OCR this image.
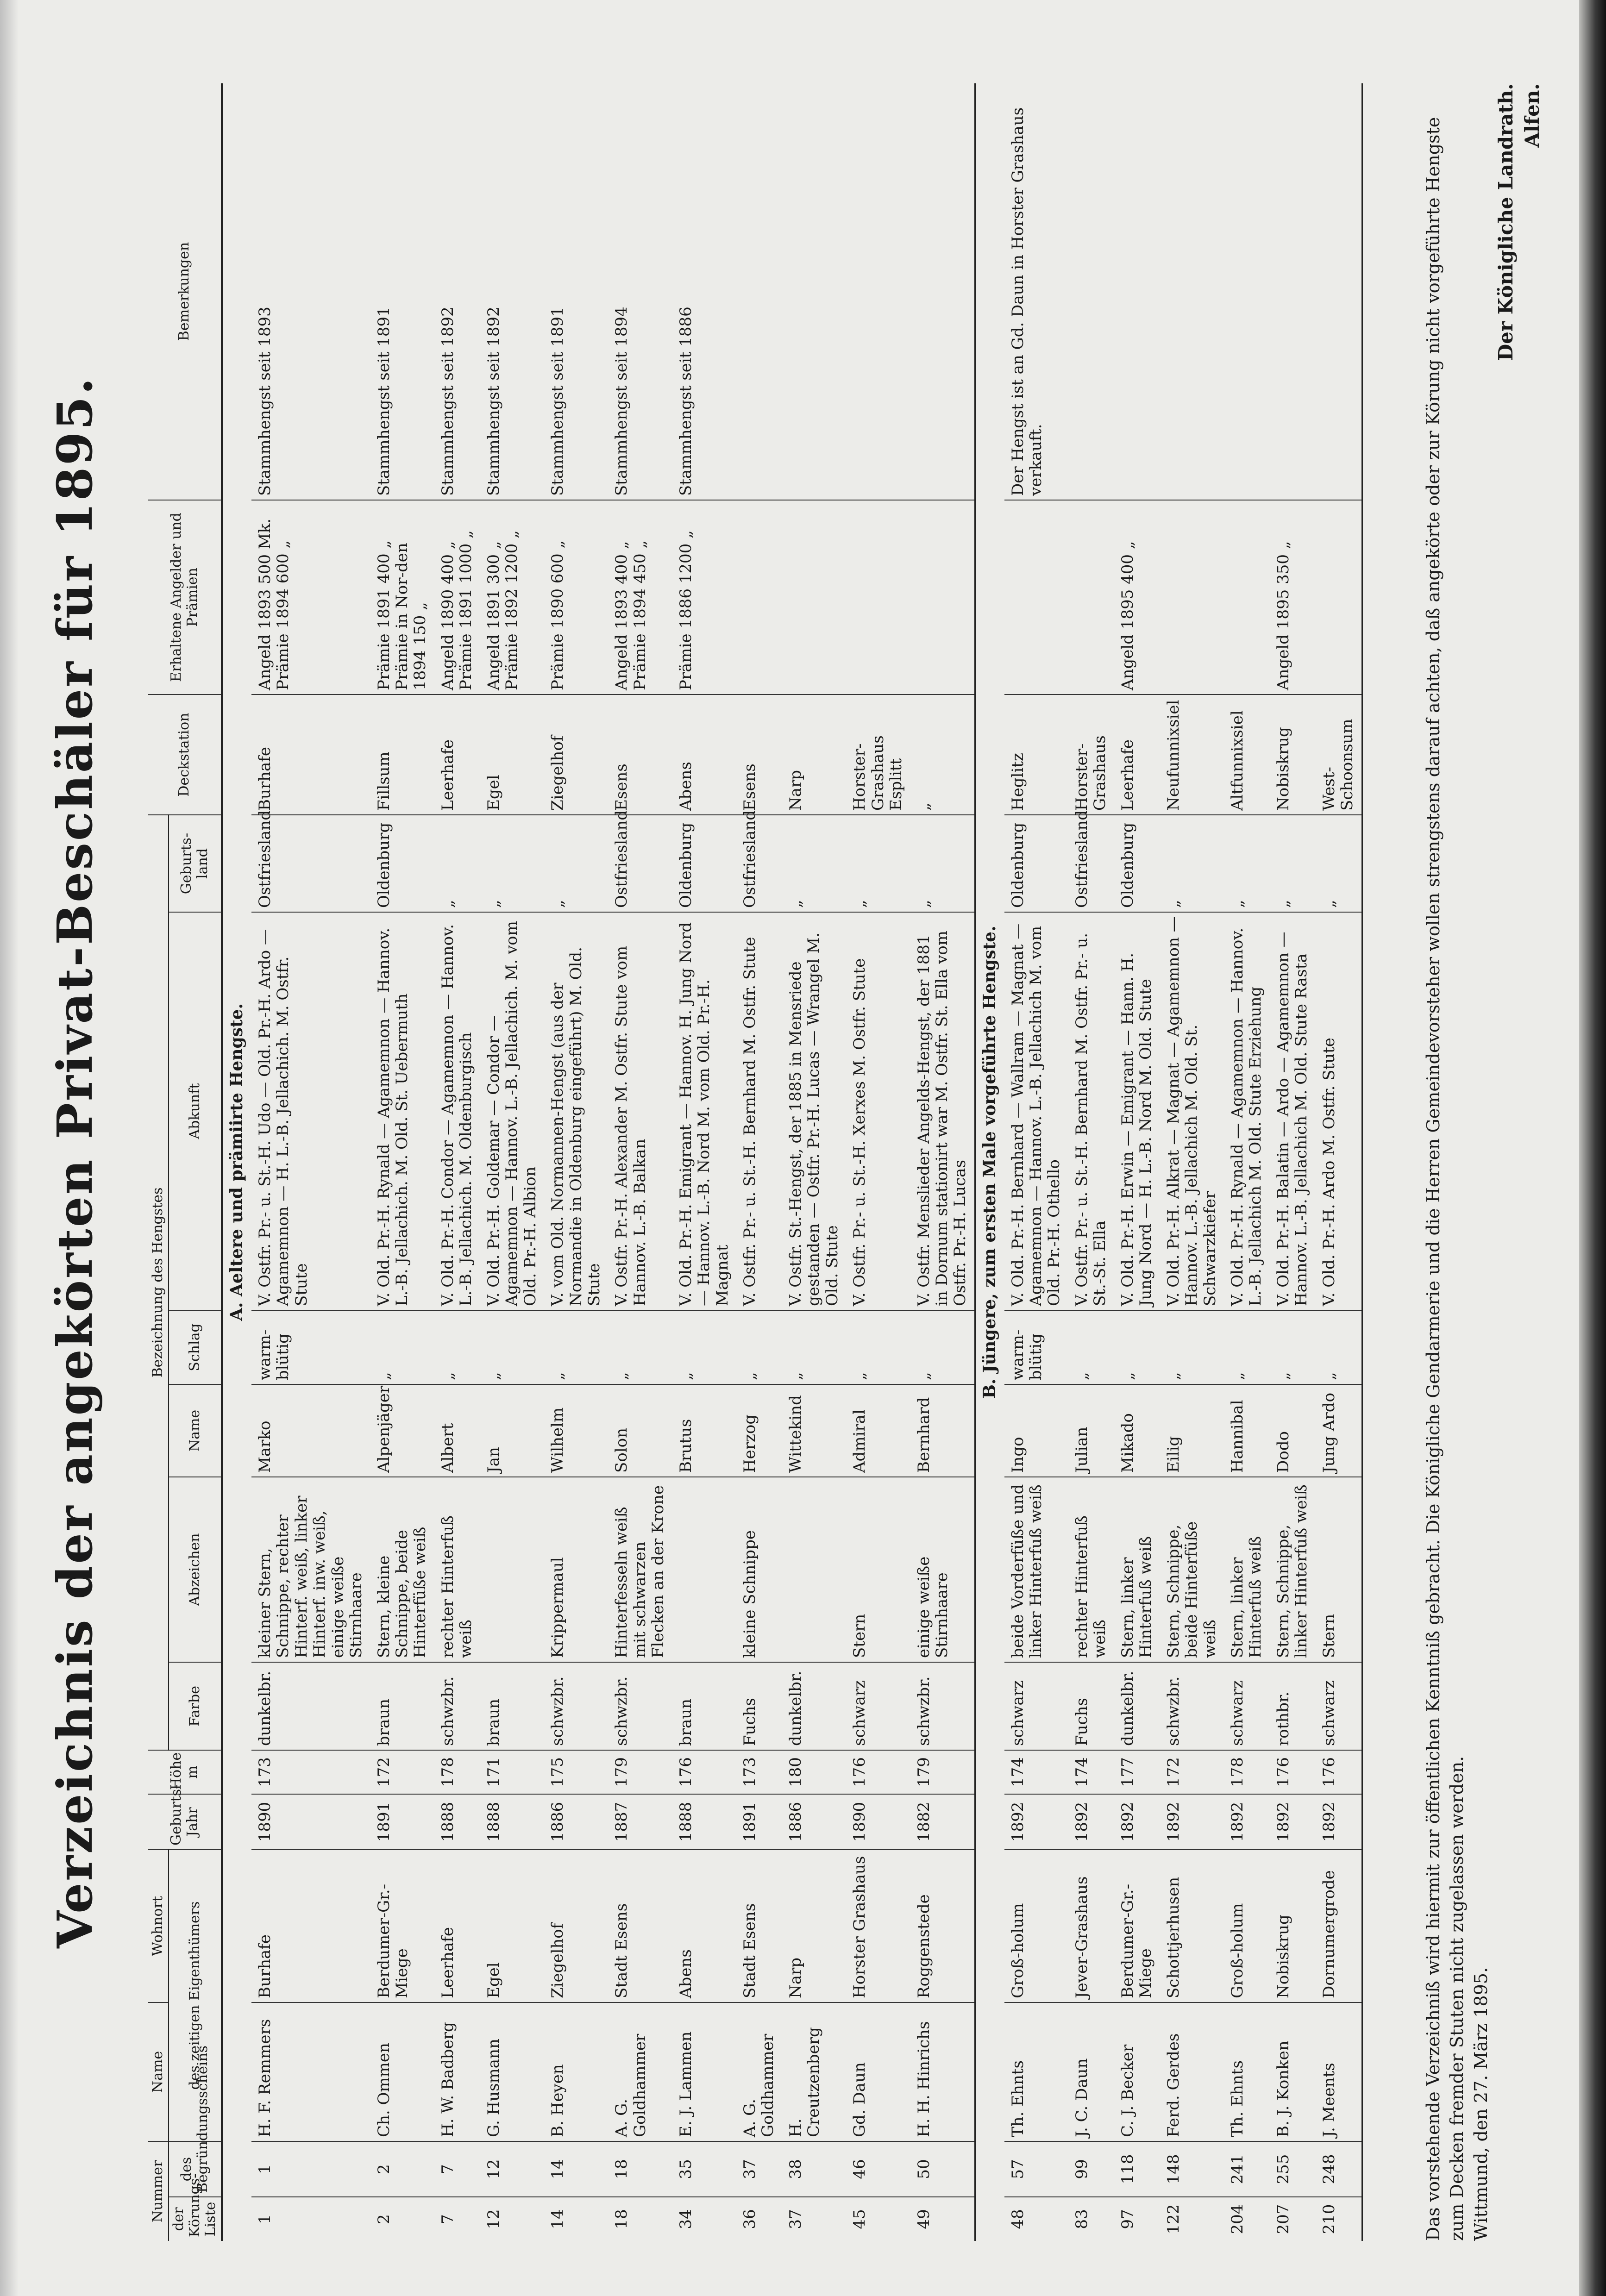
Verzeichnis der angekörten Privat-Beschäler für 1895.
Nummer		Name	Wohnort	Geburts-Jahr	Höhe m	Bezeichnung des Hengstes						Deckstation	Erhaltene Angelder und Prämien	Bemerkungen
der Körungs-Liste	des Begründungsscheins	des zeitigen Eigenthümers				Farbe	Abzeichen	Name	Schlag	Abkunft	Geburts-land			
A. Aeltere und prämiirte Hengste.														
1	1	H. F. Remmers	Burhafe	1890	173	dunkelbr.	kleiner Stern, Schnippe, rechter Hinterf. weiß, linker Hinterf. inw. weiß, einige weiße Stirnhaare	Marko	warm-blütig	V. Ostfr. Pr.- u. St.-H. Udo — Old. Pr.-H. Ardo — Agamemnon — H. L.-B. Jellachich. M. Ostfr. Stute	Ostfriesland	Burhafe	Angeld 1893 500 Mk. Prämie 1894 600 „	Stammhengst seit 1893
2	2	Ch. Ommen	Berdumer-Gr.-Miege	1891	172	braun	Stern, kleine Schnippe, beide Hinterfüße weiß	Alpenjäger	„	V. Old. Pr.-H. Rynald — Agamemnon — Hannov. L.-B. Jellachich. M. Old. St. Uebermuth	Oldenburg	Fillsum	Prämie 1891 400 „ Prämie in Nor-den 1894 150 „	Stammhengst seit 1891
7	7	H. W. Badberg	Leerhafe	1888	178	schwzbr.	rechter Hinterfuß weiß	Albert	„	V. Old. Pr.-H. Condor — Agamemnon — Hannov. L.-B. Jellachich. M. Oldenburgisch	„	Leerhafe	Angeld 1890 400 „ Prämie 1891 1000 „	Stammhengst seit 1892
12	12	G. Husmann	Egel	1888	171	braun		Jan	„	V. Old. Pr.-H. Goldemar — Condor — Agamemnon — Hannov. L.-B. Jellachich. M. vom Old. Pr.-H. Albion	„	Egel	Angeld 1891 300 „ Prämie 1892 1200 „	Stammhengst seit 1892
14	14	B. Heyen	Ziegelhof	1886	175	schwzbr.	Krippermaul	Wilhelm	„	V. vom Old. Normannen-Hengst (aus der Normandie in Oldenburg eingeführt) M. Old. Stute	„	Ziegelhof	Prämie 1890 600 „	Stammhengst seit 1891
18	18	A. G. Goldhammer	Stadt Esens	1887	179	schwzbr.	Hinterfesseln weiß mit schwarzen Flecken an der Krone	Solon	„	V. Ostfr. Pr.-H. Alexander M. Ostfr. Stute vom Hannov. L.-B. Balkan	Ostfriesland	Esens	Angeld 1893 400 „ Prämie 1894 450 „	Stammhengst seit 1894
34	35	E. J. Lammen	Abens	1888	176	braun		Brutus	„	V. Old. Pr.-H. Emigrant — Hannov. H. Jung Nord — Hannov. L.-B. Nord M. vom Old. Pr.-H. Magnat	Oldenburg	Abens	Prämie 1886 1200 „	Stammhengst seit 1886
36	37	A. G. Goldhammer	Stadt Esens	1891	173	Fuchs	kleine Schnippe	Herzog	„	V. Ostfr. Pr.- u. St.-H. Bernhard M. Ostfr. Stute	Ostfriesland	Esens		
37	38	H. Creutzenberg	Narp	1886	180	dunkelbr.		Wittekind	„	V. Ostfr. St.-Hengst, der 1885 in Mensriede gestanden — Ostfr. Pr.-H. Lucas — Wrangel M. Old. Stute	„	Narp		
45	46	Gd. Daun	Horster Grashaus	1890	176	schwarz	Stern	Admiral	„	V. Ostfr. Pr.- u. St.-H. Xerxes M. Ostfr. Stute	„	Horster-Grashaus Esplitt		
49	50	H. H. Hinrichs	Roggenstede	1882	179	schwzbr.	einige weiße Stirnhaare	Bernhard	„	V. Ostfr. Menslieder Angelds-Hengst, der 1881 in Dornum stationirt war M. Ostfr. St. Ella vom Ostfr. Pr.-H. Lucas	„	„		
B. Jüngere, zum ersten Male vorgeführte Hengste.														
48	57	Th. Ehnts	Groß-holum	1892	174	schwarz	beide Vorderfüße und linker Hinterfuß weiß	Ingo	warm-blütig	V. Old. Pr.-H. Bernhard — Wallram — Magnat — Agamemnon — Hannov. L.-B. Jellachich M. vom Old. Pr.-H. Othello	Oldenburg	Heglitz		Der Hengst ist an Gd. Daun in Horster Grashaus verkauft.
83	99	J. C. Daun	Jever-Grashaus	1892	174	Fuchs	rechter Hinterfuß weiß	Julian	„	V. Ostfr. Pr.- u. St.-H. Bernhard M. Ostfr. Pr.- u. St.-St. Ella	Ostfriesland	Horster-Grashaus		
97	118	C. J. Becker	Berdumer-Gr.-Miege	1892	177	dunkelbr.	Stern, linker Hinterfuß weiß	Mikado	„	V. Old. Pr.-H. Erwin — Emigrant — Hann. H. Jung Nord — H. L.-B. Nord M. Old. Stute	Oldenburg	Leerhafe	Angeld 1895 400 „	
122	148	Ferd. Gerdes	Schottjerhusen	1892	172	schwzbr.	Stern, Schnippe, beide Hinterfüße weiß	Eilig	„	V. Old. Pr.-H. Alkrat — Magnat — Agamemnon — Hannov. L.-B. Jellachich M. Old. St. Schwarzkiefer	„	Neufunnixsiel		
204	241	Th. Ehnts	Groß-holum	1892	178	schwarz	Stern, linker Hinterfuß weiß	Hannibal	„	V. Old. Pr.-H. Rynald — Agamemnon — Hannov. L.-B. Jellachich M. Old. Stute Erziehung	„	Altfunnixsiel		
207	255	B. J. Konken	Nobiskrug	1892	176	rothbr.	Stern, Schnippe, linker Hinterfuß weiß	Dodo	„	V. Old. Pr.-H. Balatin — Ardo — Agamemnon — Hannov. L.-B. Jellachich M. Old. Stute Rasta	„	Nobiskrug	Angeld 1895 350 „	
210	248	J. Meents	Dornumergrode	1892	176	schwarz	Stern	Jung Ardo	„	V. Old. Pr.-H. Ardo M. Ostfr. Stute	„	West-Schoonsum			Das vorstehende Verzeichniß wird hiermit zur öffentlichen Kenntniß gebracht. Die Königliche Gendarmerie und die Herren Gemeindevorsteher wollen strengstens darauf achten, daß angekörte oder zur Körung nicht vorgeführte Hengste zum Decken fremder Stuten nicht zugelassen werden. Wittmund, den 27. März 1895.

Der Königliche Landrath. Alfen.
